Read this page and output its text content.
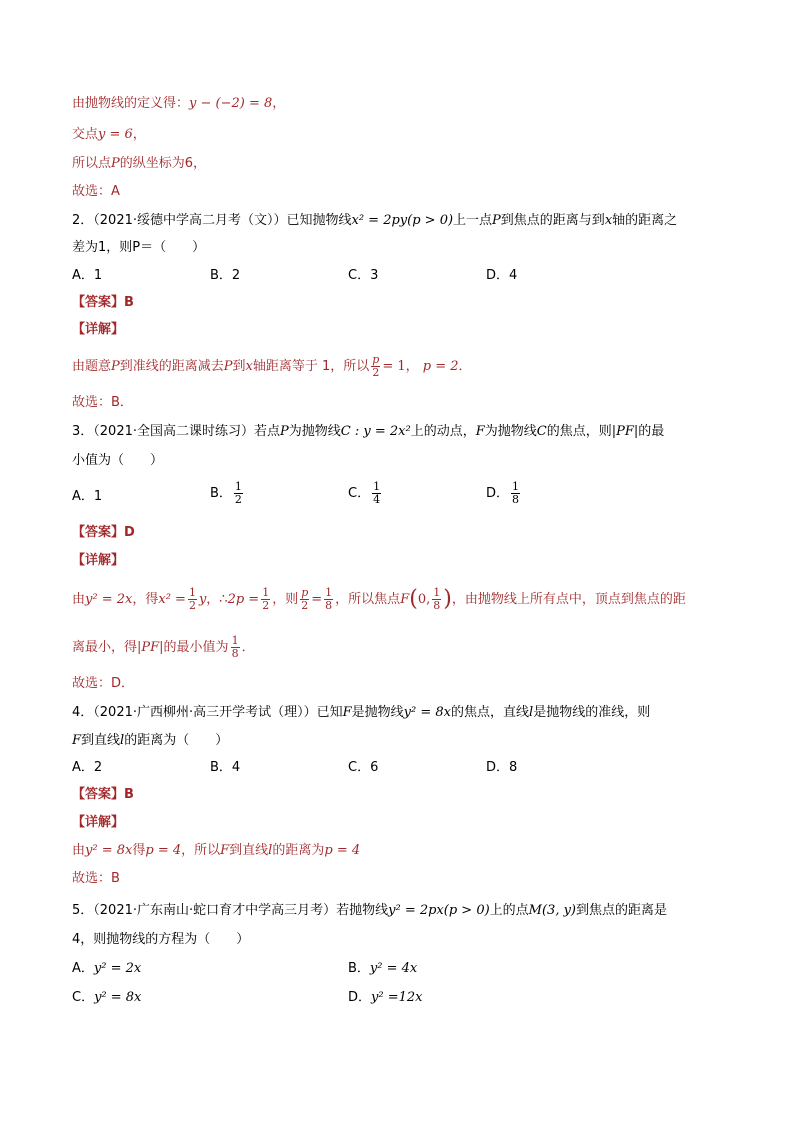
由抛物线的定义得：y − (−2) = 8，
交点y = 6，
所以点P的纵坐标为6，
故选：A
2．（2021·绥德中学高二月考（文））已知抛物线x² = 2py(p > 0)上一点P到焦点的距离与到x轴的距离之
差为1，则P＝（　　）
A．1	B．2	C．3	D．4
【答案】B
【详解】
由题意P到准线的距离减去P到x轴距离等于 1，所以 $\frac{p}{2} = 1$， p = 2．
故选：B．
3．（2021·全国高二课时练习）若点P为抛物线C : y = 2x²上的动点，F为抛物线C的焦点，则|PF|的最
小值为（　　）
A．1	B． $\frac{1}{2}$	C． $\frac{1}{4}$	D． $\frac{1}{8}$
【答案】D
【详解】
由y² = 2x，得$x^2 = \frac{1}{2}$ y，∴2p = $\frac{1}{2}$ ，则 $\frac{p}{2} = \frac{1}{8}$ ，所以焦点F(0, $\frac{1}{8}$ )，由抛物线上所有点中，顶点到焦点的距
离最小，得|PF|的最小值为 $\frac{1}{8}$ ．
故选：D．
4．（2021·广西柳州·高三开学考试（理））已知F是抛物线y² = 8x的焦点，直线l是抛物线的准线，则
F到直线l的距离为（　　）
A．2	B．4	C．6	D．8
【答案】B
【详解】
由y² = 8x得p = 4，所以F到直线l的距离为p = 4
故选：B
5．（2021·广东南山·蛇口育才中学高三月考）若抛物线y² = 2px(p > 0)上的点M(3, y)到焦点的距离是
4，则抛物线的方程为（　　）
A．y² = 2x	B．y² = 4x
C．y² = 8x	D．y² =12x
